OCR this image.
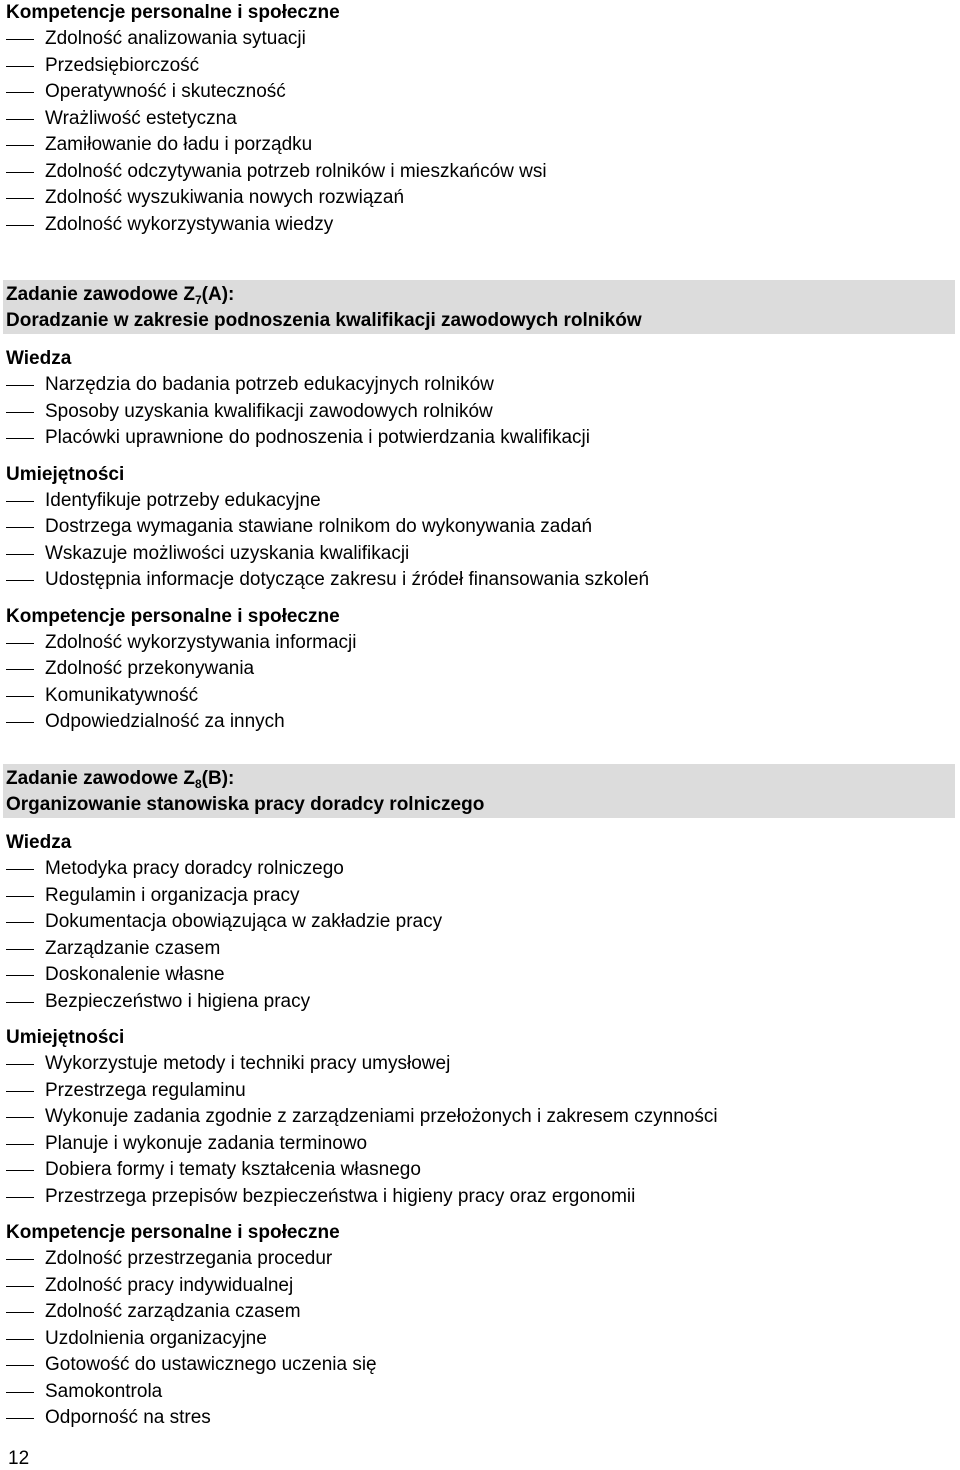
Kompetencje personalne i społeczne
Zdolność analizowania sytuacji
Przedsiębiorczość
Operatywność i skuteczność
Wrażliwość estetyczna
Zamiłowanie do ładu i porządku
Zdolność odczytywania potrzeb rolników i mieszkańców wsi
Zdolność wyszukiwania nowych rozwiązań
Zdolność wykorzystywania wiedzy
Zadanie zawodowe $Z_7(A)$:
Doradzanie w zakresie podnoszenia kwalifikacji zawodowych rolników
Wiedza
Narzędzia do badania potrzeb edukacyjnych rolników
Sposoby uzyskania kwalifikacji zawodowych rolników
Placówki uprawnione do podnoszenia i potwierdzania kwalifikacji
Umiejętności
Identyfikuje potrzeby edukacyjne
Dostrzega wymagania stawiane rolnikom do wykonywania zadań
Wskazuje możliwości uzyskania kwalifikacji
Udostępnia informacje dotyczące zakresu i źródeł finansowania szkoleń
Kompetencje personalne i społeczne
Zdolność wykorzystywania informacji
Zdolność przekonywania
Komunikatywność
Odpowiedzialność za innych
Zadanie zawodowe $Z_8(B)$:
Organizowanie stanowiska pracy doradcy rolniczego
Wiedza
Metodyka pracy doradcy rolniczego
Regulamin i organizacja pracy
Dokumentacja obowiązująca w zakładzie pracy
Zarządzanie czasem
Doskonalenie własne
Bezpieczeństwo i higiena pracy
Umiejętności
Wykorzystuje metody i techniki pracy umysłowej
Przestrzega regulaminu
Wykonuje zadania zgodnie z zarządzeniami przełożonych i zakresem czynności
Planuje i wykonuje zadania terminowo
Dobiera formy i tematy kształcenia własnego
Przestrzega przepisów bezpieczeństwa i higieny pracy oraz ergonomii
Kompetencje personalne i społeczne
Zdolność przestrzegania procedur
Zdolność pracy indywidualnej
Zdolność zarządzania czasem
Uzdolnienia organizacyjne
Gotowość do ustawicznego uczenia się
Samokontrola
Odporność na stres
12
